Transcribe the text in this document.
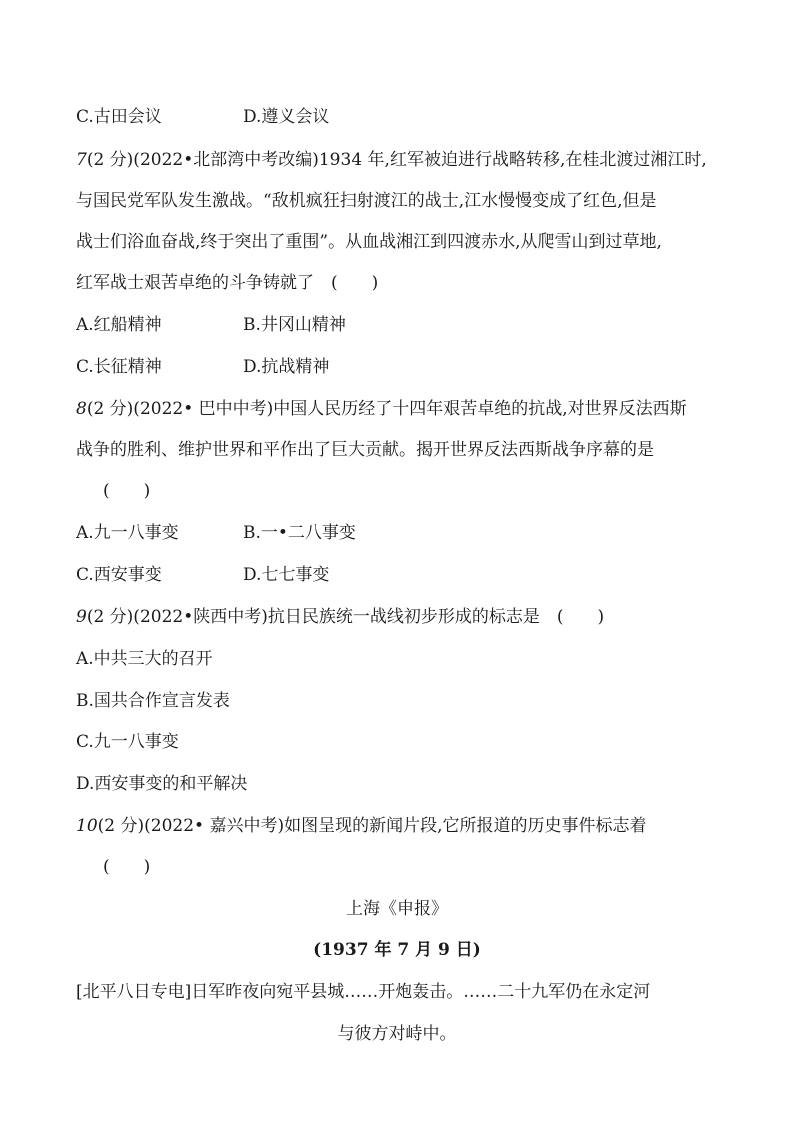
C.古田会议	D.遵义会议
7(2 分)(2022•北部湾中考改编)1934 年,红军被迫进行战略转移,在桂北渡过湘江时,
与国民党军队发生激战。“敌机疯狂扫射渡江的战士,江水慢慢变成了红色,但是
战士们浴血奋战,终于突出了重围”。从血战湘江到四渡赤水,从爬雪山到过草地,
红军战士艰苦卓绝的斗争铸就了　(　　)
A.红船精神	B.井冈山精神
C.长征精神	D.抗战精神
8(2 分)(2022• 巴中中考)中国人民历经了十四年艰苦卓绝的抗战,对世界反法西斯
战争的胜利、维护世界和平作出了巨大贡献。揭开世界反法西斯战争序幕的是
(　　)
A.九一八事变	B.一•二八事变
C.西安事变	D.七七事变
9(2 分)(2022•陕西中考)抗日民族统一战线初步形成的标志是　(　　)
A.中共三大的召开
B.国共合作宣言发表
C.九一八事变
D.西安事变的和平解决
10(2 分)(2022• 嘉兴中考)如图呈现的新闻片段,它所报道的历史事件标志着
(　　)
上海《申报》
(1937 年 7 月 9 日)
[北平八日专电]日军昨夜向宛平县城……开炮轰击。……二十九军仍在永定河
与彼方对峙中。
